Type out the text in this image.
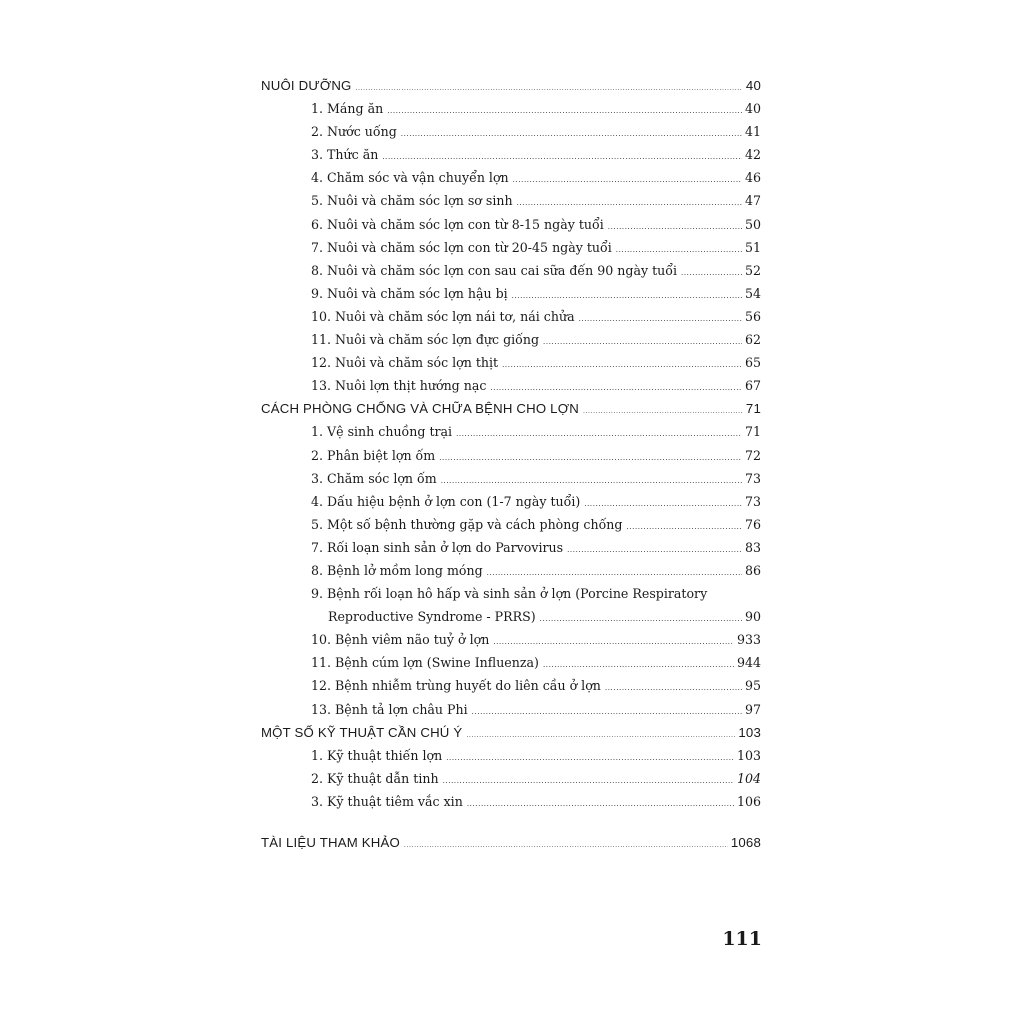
NUÔI DƯỠNG .....	40
1. Máng ăn .....	40
2. Nước uống .....	41
3. Thức ăn .....	42
4. Chăm sóc và vận chuyển lợn .....	46
5. Nuôi và chăm sóc lợn sơ sinh .....	47
6. Nuôi và chăm sóc lợn con từ 8-15 ngày tuổi .....	50
7. Nuôi và chăm sóc lợn con từ 20-45 ngày tuổi .....	51
8. Nuôi và chăm sóc lợn con sau cai sữa đến 90 ngày tuổi .....	52
9. Nuôi và chăm sóc lợn hậu bị .....	54
10. Nuôi và chăm sóc lợn nái tơ, nái chửa .....	56
11. Nuôi và chăm sóc lợn đực giống .....	62
12. Nuôi và chăm sóc lợn thịt .....	65
13. Nuôi lợn thịt hướng nạc .....	67
CÁCH PHÒNG CHỐNG VÀ CHỮA BỆNH CHO LỢN .....	71
1. Vệ sinh chuồng trại .....	71
2. Phân biệt lợn ốm .....	72
3. Chăm sóc lợn ốm .....	73
4. Dấu hiệu bệnh ở lợn con (1-7 ngày tuổi) .....	73
5. Một số bệnh thường gặp và cách phòng chống .....	76
7. Rối loạn sinh sản ở lợn do Parvovirus .....	83
8. Bệnh lở mồm long móng .....	86
9. Bệnh rối loạn hô hấp và sinh sản ở lợn (Porcine Respiratory
Reproductive Syndrome - PRRS) .....	90
10. Bệnh viêm não tuỷ ở lợn .....	933
11. Bệnh cúm lợn (Swine Influenza) .....	944
12. Bệnh nhiễm trùng huyết do liên cầu ở lợn .....	95
13. Bệnh tả lợn châu Phi .....	97
MỘT SỐ KỸ THUẬT CẦN CHÚ Ý .....	103
1. Kỹ thuật thiến lợn .....	103
2. Kỹ thuật dẫn tinh .....	104
3. Kỹ thuật tiêm vắc xin .....	106
TÀI LIỆU THAM KHẢO .....	1068
111
